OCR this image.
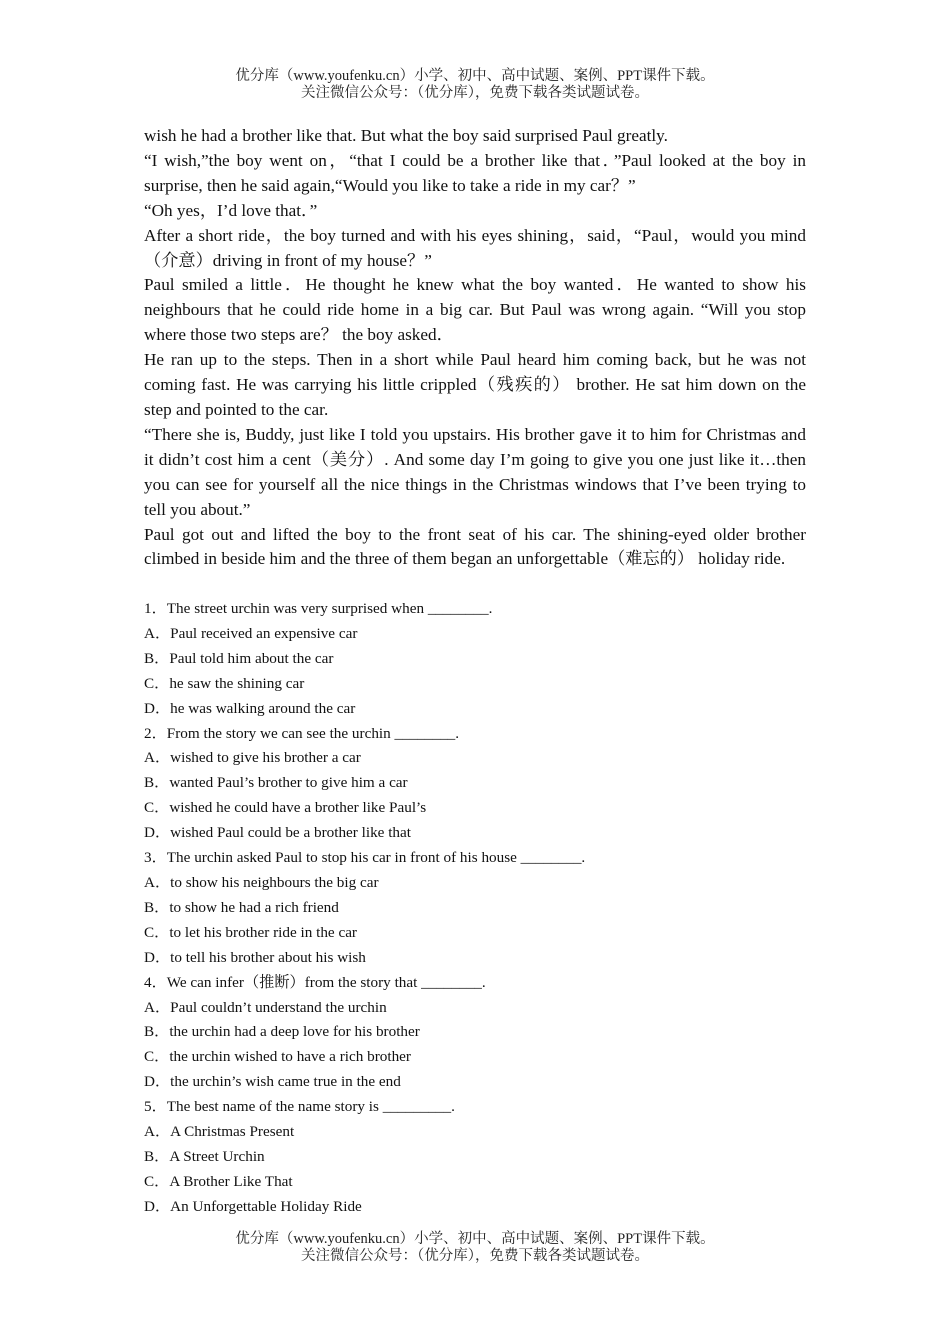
优分库（www.youfenku.cn）小学、初中、高中试题、案例、PPT课件下载。
关注微信公众号：（优分库），免费下载各类试题试卷。

wish he had a brother like that. But what the boy said surprised Paul greatly.

“I wish,”the boy went on，“that I could be a brother like that．”Paul looked at the boy in surprise, then he said again,“Would you like to take a ride in my car？”

“Oh yes，I’d love that．”

After a short ride，the boy turned and with his eyes shining，said，“Paul，would you mind（介意）driving in front of my house？”

Paul smiled a little．He thought he knew what the boy wanted．He wanted to show his neighbours that he could ride home in a big car. But Paul was wrong again. “Will you stop where those two steps are？ the boy asked．

He ran up to the steps. Then in a short while Paul heard him coming back, but he was not coming fast. He was carrying his little crippled（残疾的） brother. He sat him down on the step and pointed to the car.

“There she is, Buddy, just like I told you upstairs. His brother gave it to him for Christmas and it didn’t cost him a cent（美分）. And some day I’m going to give you one just like it…then you can see for yourself all the nice things in the Christmas windows that I’ve been trying to tell you about.”

Paul got out and lifted the boy to the front seat of his car. The shining-eyed older brother climbed in beside him and the three of them began an unforgettable（难忘的） holiday ride.

1．The street urchin was very surprised when ________.
A．Paul received an expensive car
B．Paul told him about the car
C．he saw the shining car
D．he was walking around the car
2．From the story we can see the urchin ________.
A．wished to give his brother a car
B．wanted Paul’s brother to give him a car
C．wished he could have a brother like Paul’s
D．wished Paul could be a brother like that
3．The urchin asked Paul to stop his car in front of his house ________.
A．to show his neighbours the big car
B．to show he had a rich friend
C．to let his brother ride in the car
D．to tell his brother about his wish
4．We can infer（推断）from the story that ________.
A．Paul couldn’t understand the urchin
B．the urchin had a deep love for his brother
C．the urchin wished to have a rich brother
D．the urchin’s wish came true in the end
5．The best name of the name story is _________.
A．A Christmas Present
B．A Street Urchin
C．A Brother Like That
D．An Unforgettable Holiday Ride
优分库（www.youfenku.cn）小学、初中、高中试题、案例、PPT课件下载。
关注微信公众号：（优分库），免费下载各类试题试卷。
